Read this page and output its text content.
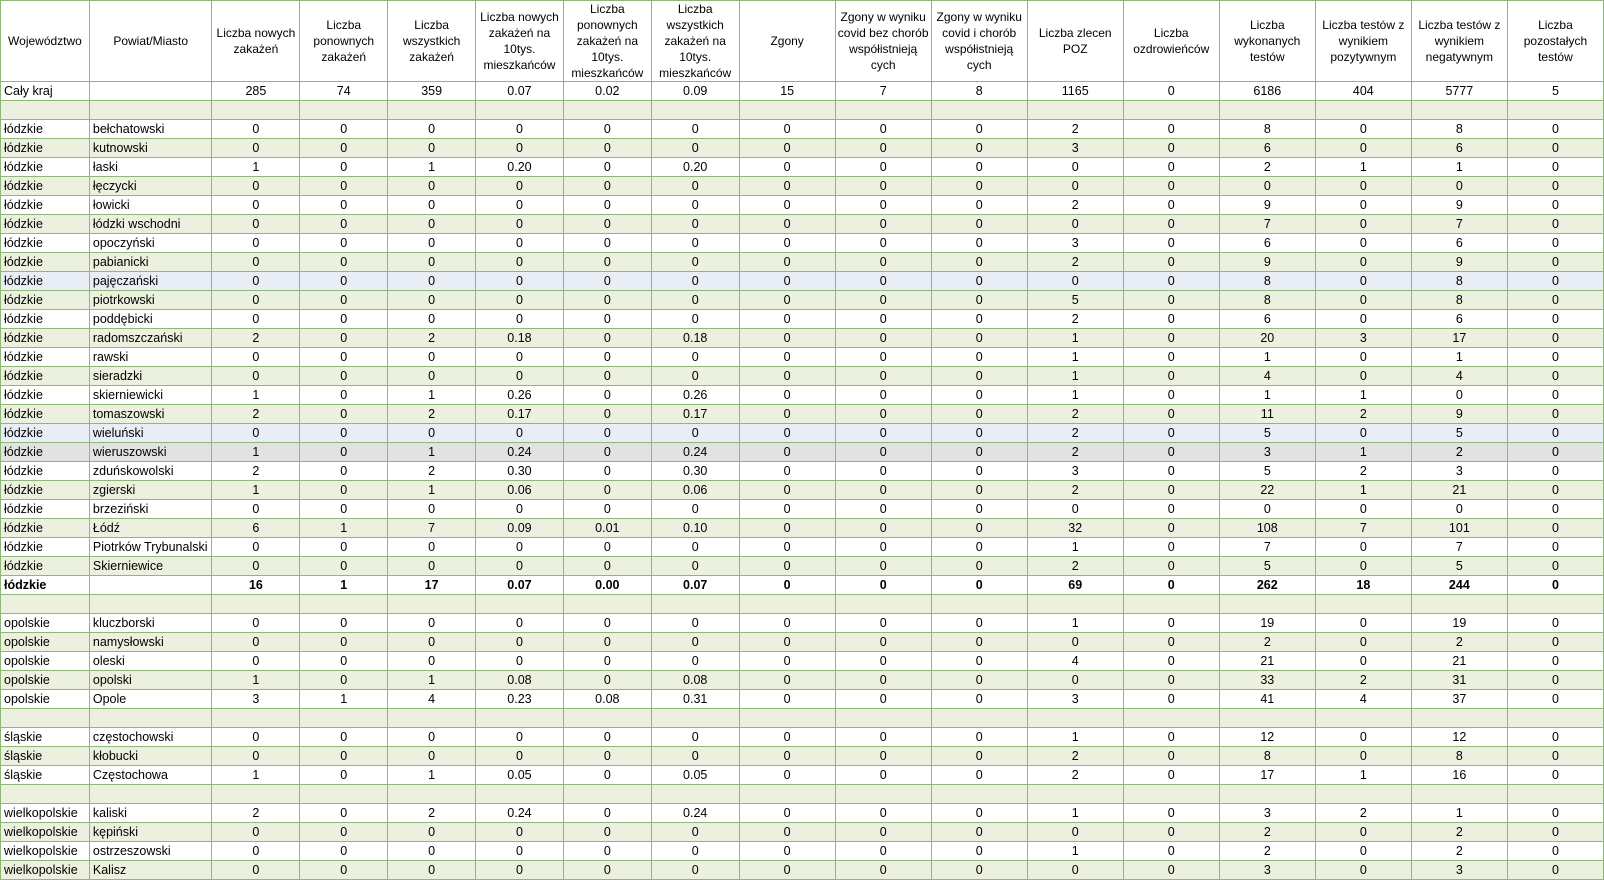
Województwo	Powiat/Miasto	Liczba nowych zakażeń	Liczba ponownych zakażeń	Liczba wszystkich zakażeń	Liczba nowych zakażeń na 10tys. mieszkańców	Liczba ponownych zakażeń na 10tys. mieszkańców	Liczba wszystkich zakażeń na 10tys. mieszkańców	Zgony	Zgony w wyniku covid bez chorób współistnieją cych	Zgony w wyniku covid i chorób współistnieją cych	Liczba zlecen POZ	Liczba ozdrowieńców	Liczba wykonanych testów	Liczba testów z wynikiem pozytywnym	Liczba testów z wynikiem negatywnym	Liczba pozostałych testów
Cały kraj		285	74	359	0.07	0.02	0.09	15	7	8	1165	0	6186	404	5777	5

łódzkie	bełchatowski	0	0	0	0	0	0	0	0	0	2	0	8	0	8	0
łódzkie	kutnowski	0	0	0	0	0	0	0	0	0	3	0	6	0	6	0
łódzkie	łaski	1	0	1	0.20	0	0.20	0	0	0	0	0	2	1	1	0
łódzkie	łęczycki	0	0	0	0	0	0	0	0	0	0	0	0	0	0	0
łódzkie	łowicki	0	0	0	0	0	0	0	0	0	2	0	9	0	9	0
łódzkie	łódzki wschodni	0	0	0	0	0	0	0	0	0	0	0	7	0	7	0
łódzkie	opoczyński	0	0	0	0	0	0	0	0	0	3	0	6	0	6	0
łódzkie	pabianicki	0	0	0	0	0	0	0	0	0	2	0	9	0	9	0
łódzkie	pajęczański	0	0	0	0	0	0	0	0	0	0	0	8	0	8	0
łódzkie	piotrkowski	0	0	0	0	0	0	0	0	0	5	0	8	0	8	0
łódzkie	poddębicki	0	0	0	0	0	0	0	0	0	2	0	6	0	6	0
łódzkie	radomszczański	2	0	2	0.18	0	0.18	0	0	0	1	0	20	3	17	0
łódzkie	rawski	0	0	0	0	0	0	0	0	0	1	0	1	0	1	0
łódzkie	sieradzki	0	0	0	0	0	0	0	0	0	1	0	4	0	4	0
łódzkie	skierniewicki	1	0	1	0.26	0	0.26	0	0	0	1	0	1	1	0	0
łódzkie	tomaszowski	2	0	2	0.17	0	0.17	0	0	0	2	0	11	2	9	0
łódzkie	wieluński	0	0	0	0	0	0	0	0	0	2	0	5	0	5	0
łódzkie	wieruszowski	1	0	1	0.24	0	0.24	0	0	0	2	0	3	1	2	0
łódzkie	zduńskowolski	2	0	2	0.30	0	0.30	0	0	0	3	0	5	2	3	0
łódzkie	zgierski	1	0	1	0.06	0	0.06	0	0	0	2	0	22	1	21	0
łódzkie	brzeziński	0	0	0	0	0	0	0	0	0	0	0	0	0	0	0
łódzkie	Łódź	6	1	7	0.09	0.01	0.10	0	0	0	32	0	108	7	101	0
łódzkie	Piotrków Trybunalski	0	0	0	0	0	0	0	0	0	1	0	7	0	7	0
łódzkie	Skierniewice	0	0	0	0	0	0	0	0	0	2	0	5	0	5	0
łódzkie		16	1	17	0.07	0.00	0.07	0	0	0	69	0	262	18	244	0

opolskie	kluczborski	0	0	0	0	0	0	0	0	0	1	0	19	0	19	0
opolskie	namysłowski	0	0	0	0	0	0	0	0	0	0	0	2	0	2	0
opolskie	oleski	0	0	0	0	0	0	0	0	0	4	0	21	0	21	0
opolskie	opolski	1	0	1	0.08	0	0.08	0	0	0	0	0	33	2	31	0
opolskie	Opole	3	1	4	0.23	0.08	0.31	0	0	0	3	0	41	4	37	0

śląskie	częstochowski	0	0	0	0	0	0	0	0	0	1	0	12	0	12	0
śląskie	kłobucki	0	0	0	0	0	0	0	0	0	2	0	8	0	8	0
śląskie	Częstochowa	1	0	1	0.05	0	0.05	0	0	0	2	0	17	1	16	0

wielkopolskie	kaliski	2	0	2	0.24	0	0.24	0	0	0	1	0	3	2	1	0
wielkopolskie	kępiński	0	0	0	0	0	0	0	0	0	0	0	2	0	2	0
wielkopolskie	ostrzeszowski	0	0	0	0	0	0	0	0	0	1	0	2	0	2	0
wielkopolskie	Kalisz	0	0	0	0	0	0	0	0	0	0	0	3	0	3	0
